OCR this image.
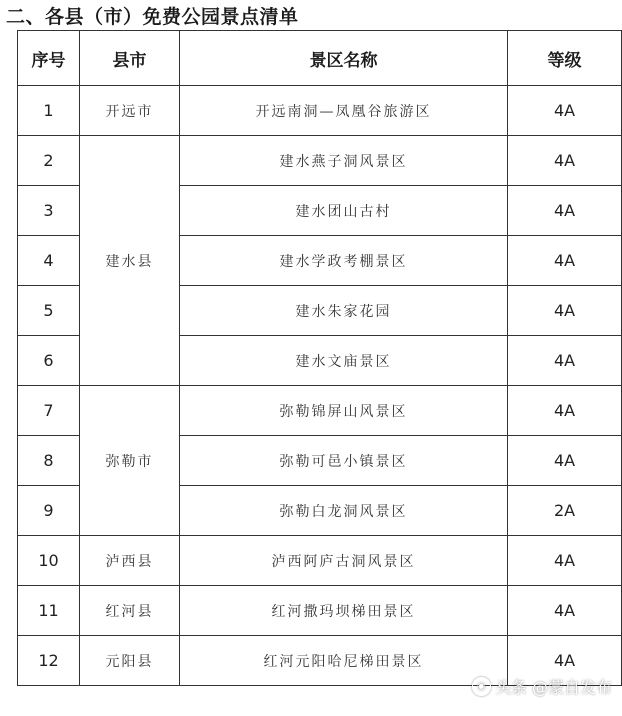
二、各县（市）免费公园景点清单
序号	县市	景区名称	等级
1	开远市	开远南洞—凤凰谷旅游区	4A
2	建水县	建水燕子洞风景区	4A
3		建水团山古村	4A
4		建水学政考棚景区	4A
5		建水朱家花园	4A
6		建水文庙景区	4A
7	弥勒市	弥勒锦屏山风景区	4A
8		弥勒可邑小镇景区	4A
9		弥勒白龙洞风景区	2A
10	泸西县	泸西阿庐古洞风景区	4A
11	红河县	红河撒玛坝梯田景区	4A
12	元阳县	红河元阳哈尼梯田景区	4A
◉ 头条 @蒙自发布
